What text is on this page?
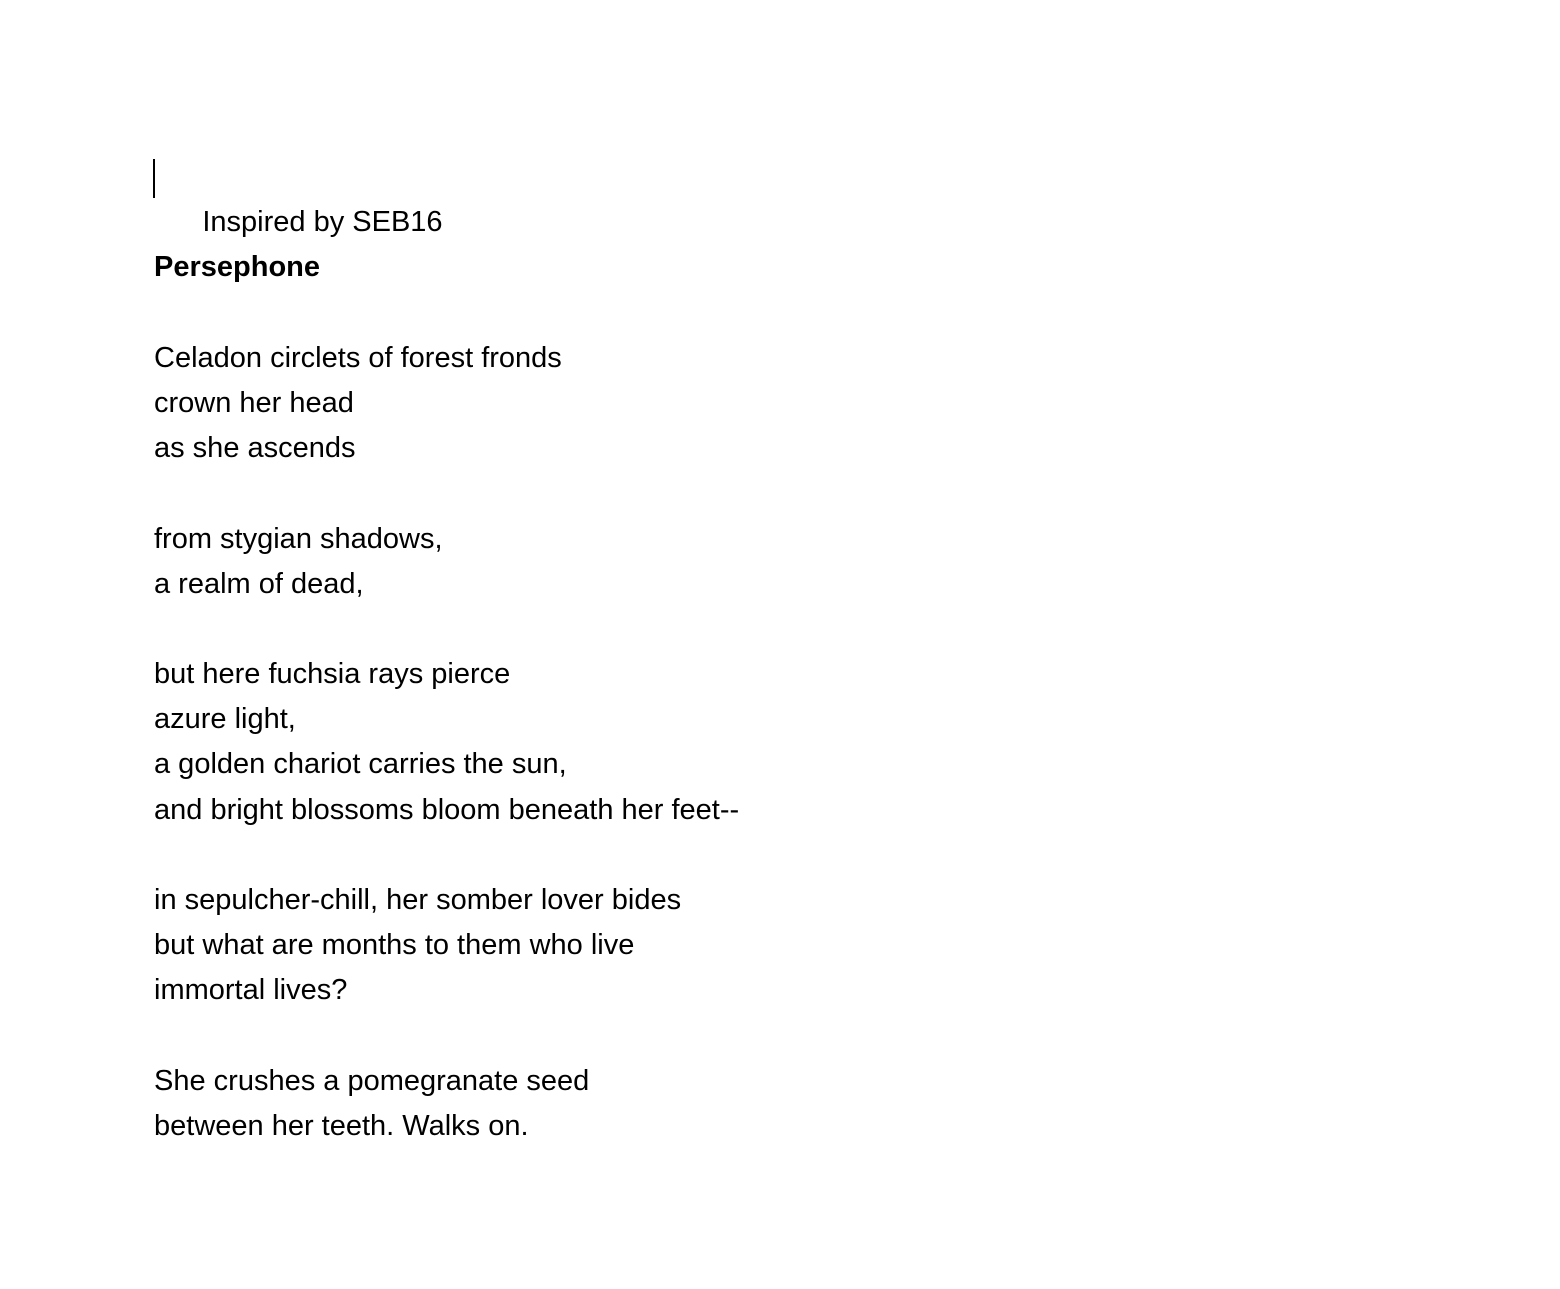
Inspired by SEB16

Persephone
Celadon circlets of forest fronds
crown her head
as she ascends
from stygian shadows,
a realm of dead,
but here fuchsia rays pierce
azure light,
a golden chariot carries the sun,
and bright blossoms bloom beneath her feet--
in sepulcher-chill, her somber lover bides
but what are months to them who live
immortal lives?
She crushes a pomegranate seed
between her teeth. Walks on.
